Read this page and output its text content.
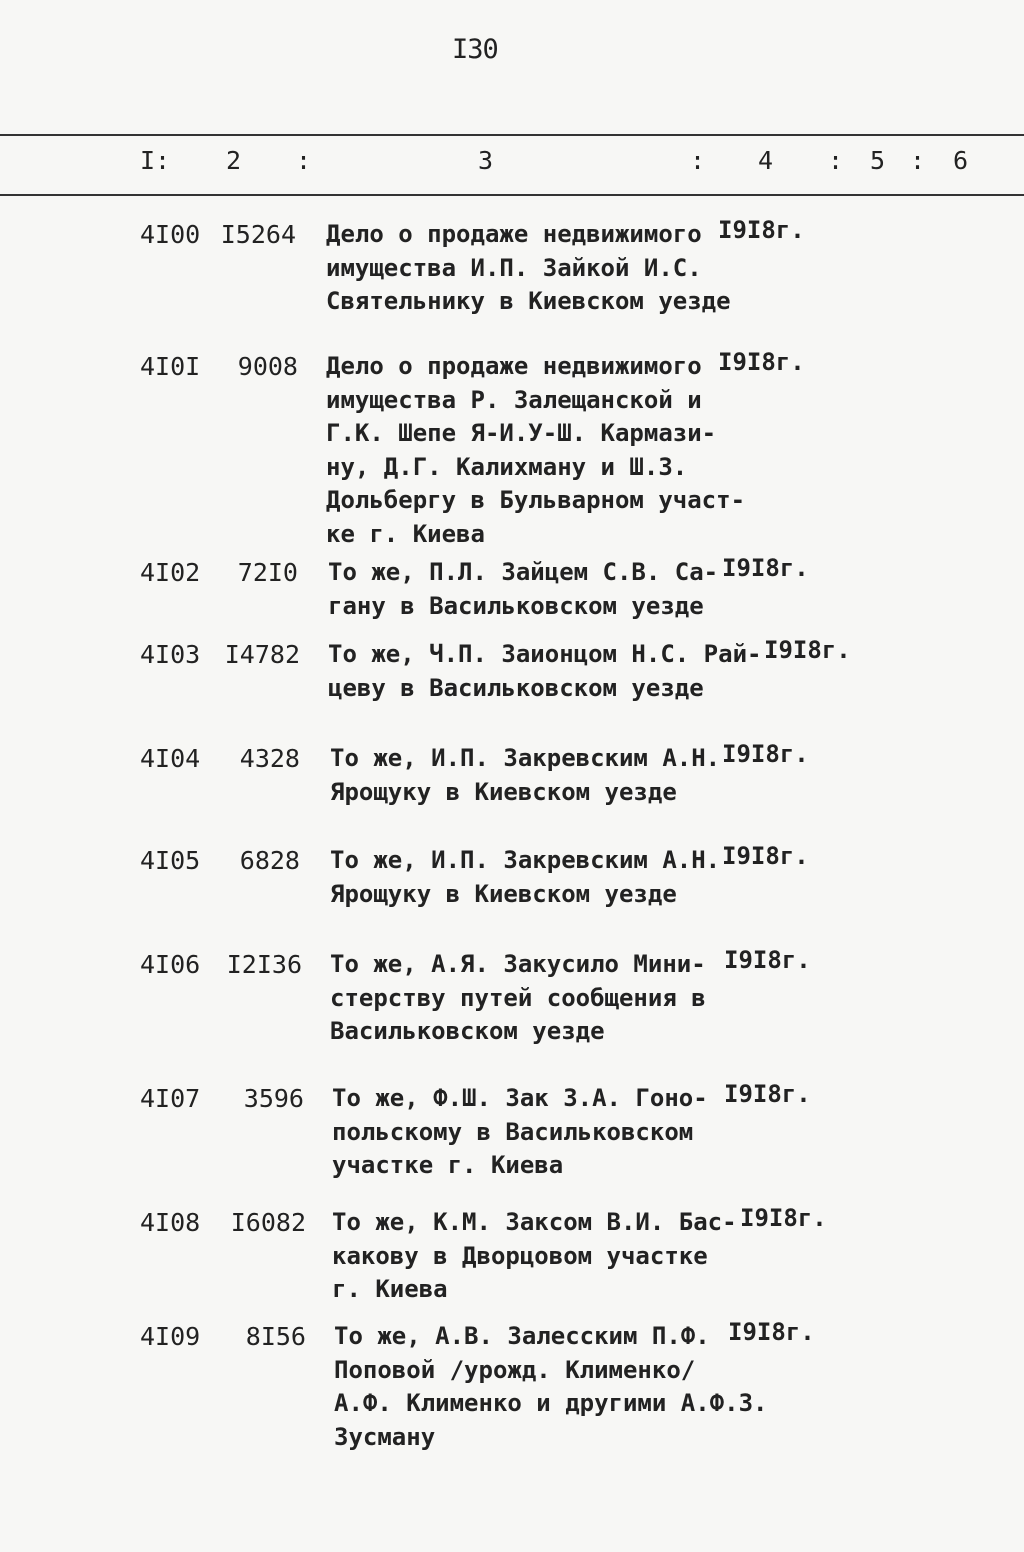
I30
I: 2 :	3	: 4 : 5 : 6
4I00 I5264 Дело о продаже недвижимого
имущества И.П. Зайкой И.С.
Святельнику в Киевском уезде
I9I8г.
4I0I	9008 Дело о продаже недвижимого
имущества Р. Залещанской и
Г.К. Шепе Я-И.У-Ш. Кармази-
ну, Д.Г. Калихману и Ш.З.
Дольбергу в Бульварном участ-
ке г. Киева
I9I8г.
4I02	72I0 То же, П.Л. Зайцем С.В. Са-
гану в Васильковском уезде
I9I8г.
4I03 I4782 То же, Ч.П. Заионцом Н.С. Рай-
цеву в Васильковском уезде
I9I8г.
4I04	4328 То же, И.П. Закревским А.Н.
Ярощуку в Киевском уезде
I9I8г.
4I05	6828 То же, И.П. Закревским А.Н.
Ярощуку в Киевском уезде
I9I8г.
4I06 I2I36 То же, А.Я. Закусило Мини-
стерству путей сообщения в
Васильковском уезде
I9I8г.
4I07	3596 То же, Ф.Ш. Зак З.А. Гоно-
польскому в Васильковском
участке г. Киева
I9I8г.
4I08 I6082 То же, К.М. Заксом В.И. Бас-
какову в Дворцовом участке
г. Киева
I9I8г.
4I09	8I56 То же, А.В. Залесским П.Ф.
Поповой /урожд. Клименко/
А.Ф. Клименко и другими А.Ф.З.
Зусману
I9I8г.
